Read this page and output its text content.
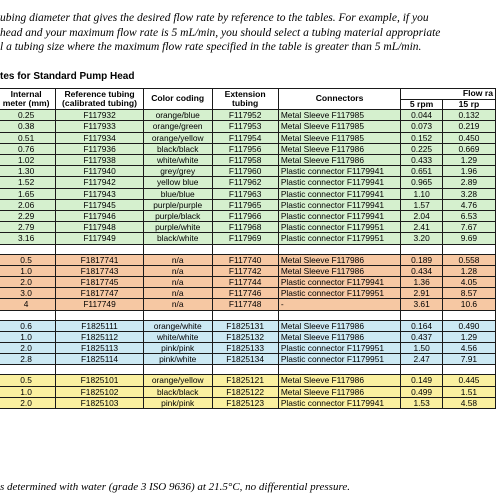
ubing diameter that gives the desired flow rate by reference to the tables. For example, if you
head and your maximum flow rate is 5 mL/min, you should select a tubing material appropriate
l a tubing size where the maximum flow rate specified in the table is greater than 5 mL/min.
tes for Standard Pump Head
Internal
meter (mm)	Reference tubing
(calibrated tubing)	Color coding	Extension
tubing	Connectors	Flow ra	
					5 rpm	15 rp
0.25	F117932	orange/blue	F117952	Metal Sleeve F117985	0.044	0.132
0.38	F117933	orange/green	F117953	Metal Sleeve F117985	0.073	0.219
0.51	F117934	orange/yellow	F117954	Metal Sleeve F117985	0.152	0.450
0.76	F117936	black/black	F117956	Metal Sleeve F117986	0.225	0.669
1.02	F117938	white/white	F117958	Metal Sleeve F117986	0.433	1.29
1.30	F117940	grey/grey	F117960	Plastic connector F1179941	0.651	1.96
1.52	F117942	yellow blue	F117962	Plastic connector F1179941	0.965	2.89
1.65	F117943	blue/blue	F117963	Plastic connector F1179941	1.10	3.28
2.06	F117945	purple/purple	F117965	Plastic connector F1179941	1.57	4.76
2.29	F117946	purple/black	F117966	Plastic connector F1179941	2.04	6.53
2.79	F117948	purple/white	F117968	Plastic connector F1179951	2.41	7.67
3.16	F117949	black/white	F117969	Plastic connector F1179951	3.20	9.69

0.5	F1817741	n/a	F117740	Metal Sleeve F117986	0.189	0.558
1.0	F1817743	n/a	F117742	Metal Sleeve F117986	0.434	1.28
2.0	F1817745	n/a	F117744	Plastic connector F1179941	1.36	4.05
3.0	F1817747	n/a	F117746	Plastic connector F1179951	2.91	8.57
4	F117749	n/a	F117748	-	3.61	10.6

0.6	F1825111	orange/white	F1825131	Metal Sleeve F117986	0.164	0.490
1.0	F1825112	white/white	F1825132	Metal Sleeve F117986	0.437	1.29
2.0	F1825113	pink/pink	F1825133	Plastic connector F1179951	1.50	4.56
2.8	F1825114	pink/white	F1825134	Plastic connector F1179951	2.47	7.91

0.5	F1825101	orange/yellow	F1825121	Metal Sleeve F117986	0.149	0.445
1.0	F1825102	black/black	F1825122	Metal Sleeve F117986	0.499	1.51
2.0	F1825103	pink/pink	F1825123	Plastic connector F1179941	1.53	4.58
s determined with water (grade 3 ISO 9636) at 21.5°C, no differential pressure.
